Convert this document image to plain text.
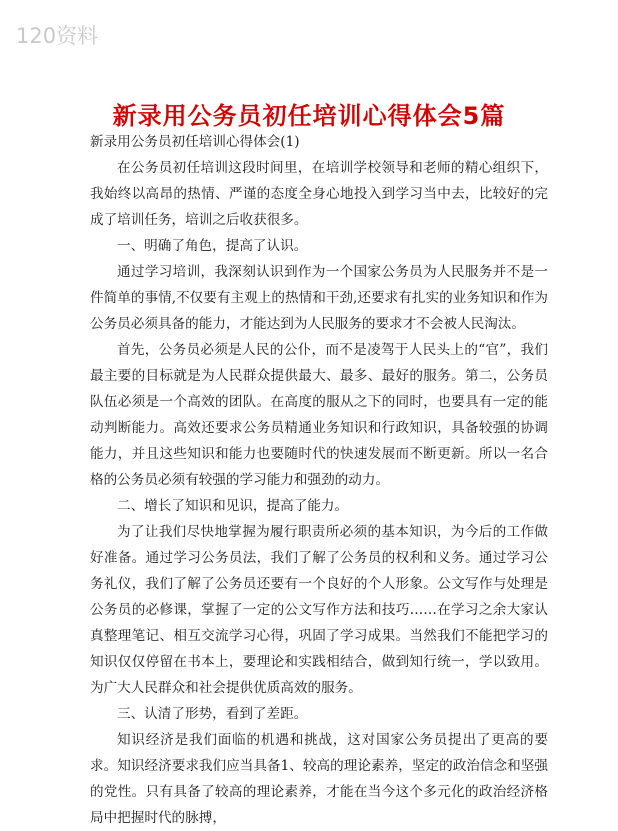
120资料
新录用公务员初任培训心得体会5篇

新录用公务员初任培训心得体会(1)

在公务员初任培训这段时间里，在培训学校领导和老师的精心组织下，我始终以高昂的热情、严谨的态度全身心地投入到学习当中去，比较好的完成了培训任务，培训之后收获很多。

一、明确了角色，提高了认识。

通过学习培训，我深刻认识到作为一个国家公务员为人民服务并不是一件简单的事情,不仅要有主观上的热情和干劲,还要求有扎实的业务知识和作为公务员必须具备的能力，才能达到为人民服务的要求才不会被人民淘汰。

首先，公务员必须是人民的公仆，而不是凌驾于人民头上的“官”，我们最主要的目标就是为人民群众提供最大、最多、最好的服务。第二，公务员队伍必须是一个高效的团队。在高度的服从之下的同时，也要具有一定的能动判断能力。高效还要求公务员精通业务知识和行政知识，具备较强的协调能力，并且这些知识和能力也要随时代的快速发展而不断更新。所以一名合格的公务员必须有较强的学习能力和强劲的动力。

二、增长了知识和见识，提高了能力。

为了让我们尽快地掌握为履行职责所必须的基本知识，为今后的工作做好准备。通过学习公务员法，我们了解了公务员的权利和义务。通过学习公务礼仪，我们了解了公务员还要有一个良好的个人形象。公文写作与处理是公务员的必修课，掌握了一定的公文写作方法和技巧……在学习之余大家认真整理笔记、相互交流学习心得，巩固了学习成果。当然我们不能把学习的知识仅仅停留在书本上，要理论和实践相结合，做到知行统一，学以致用。为广大人民群众和社会提供优质高效的服务。

三、认清了形势，看到了差距。

知识经济是我们面临的机遇和挑战，这对国家公务员提出了更高的要求。知识经济要求我们应当具备1、较高的理论素养，坚定的政治信念和坚强的党性。只有具备了较高的理论素养，才能在当今这个多元化的政治经济格局中把握时代的脉搏，
